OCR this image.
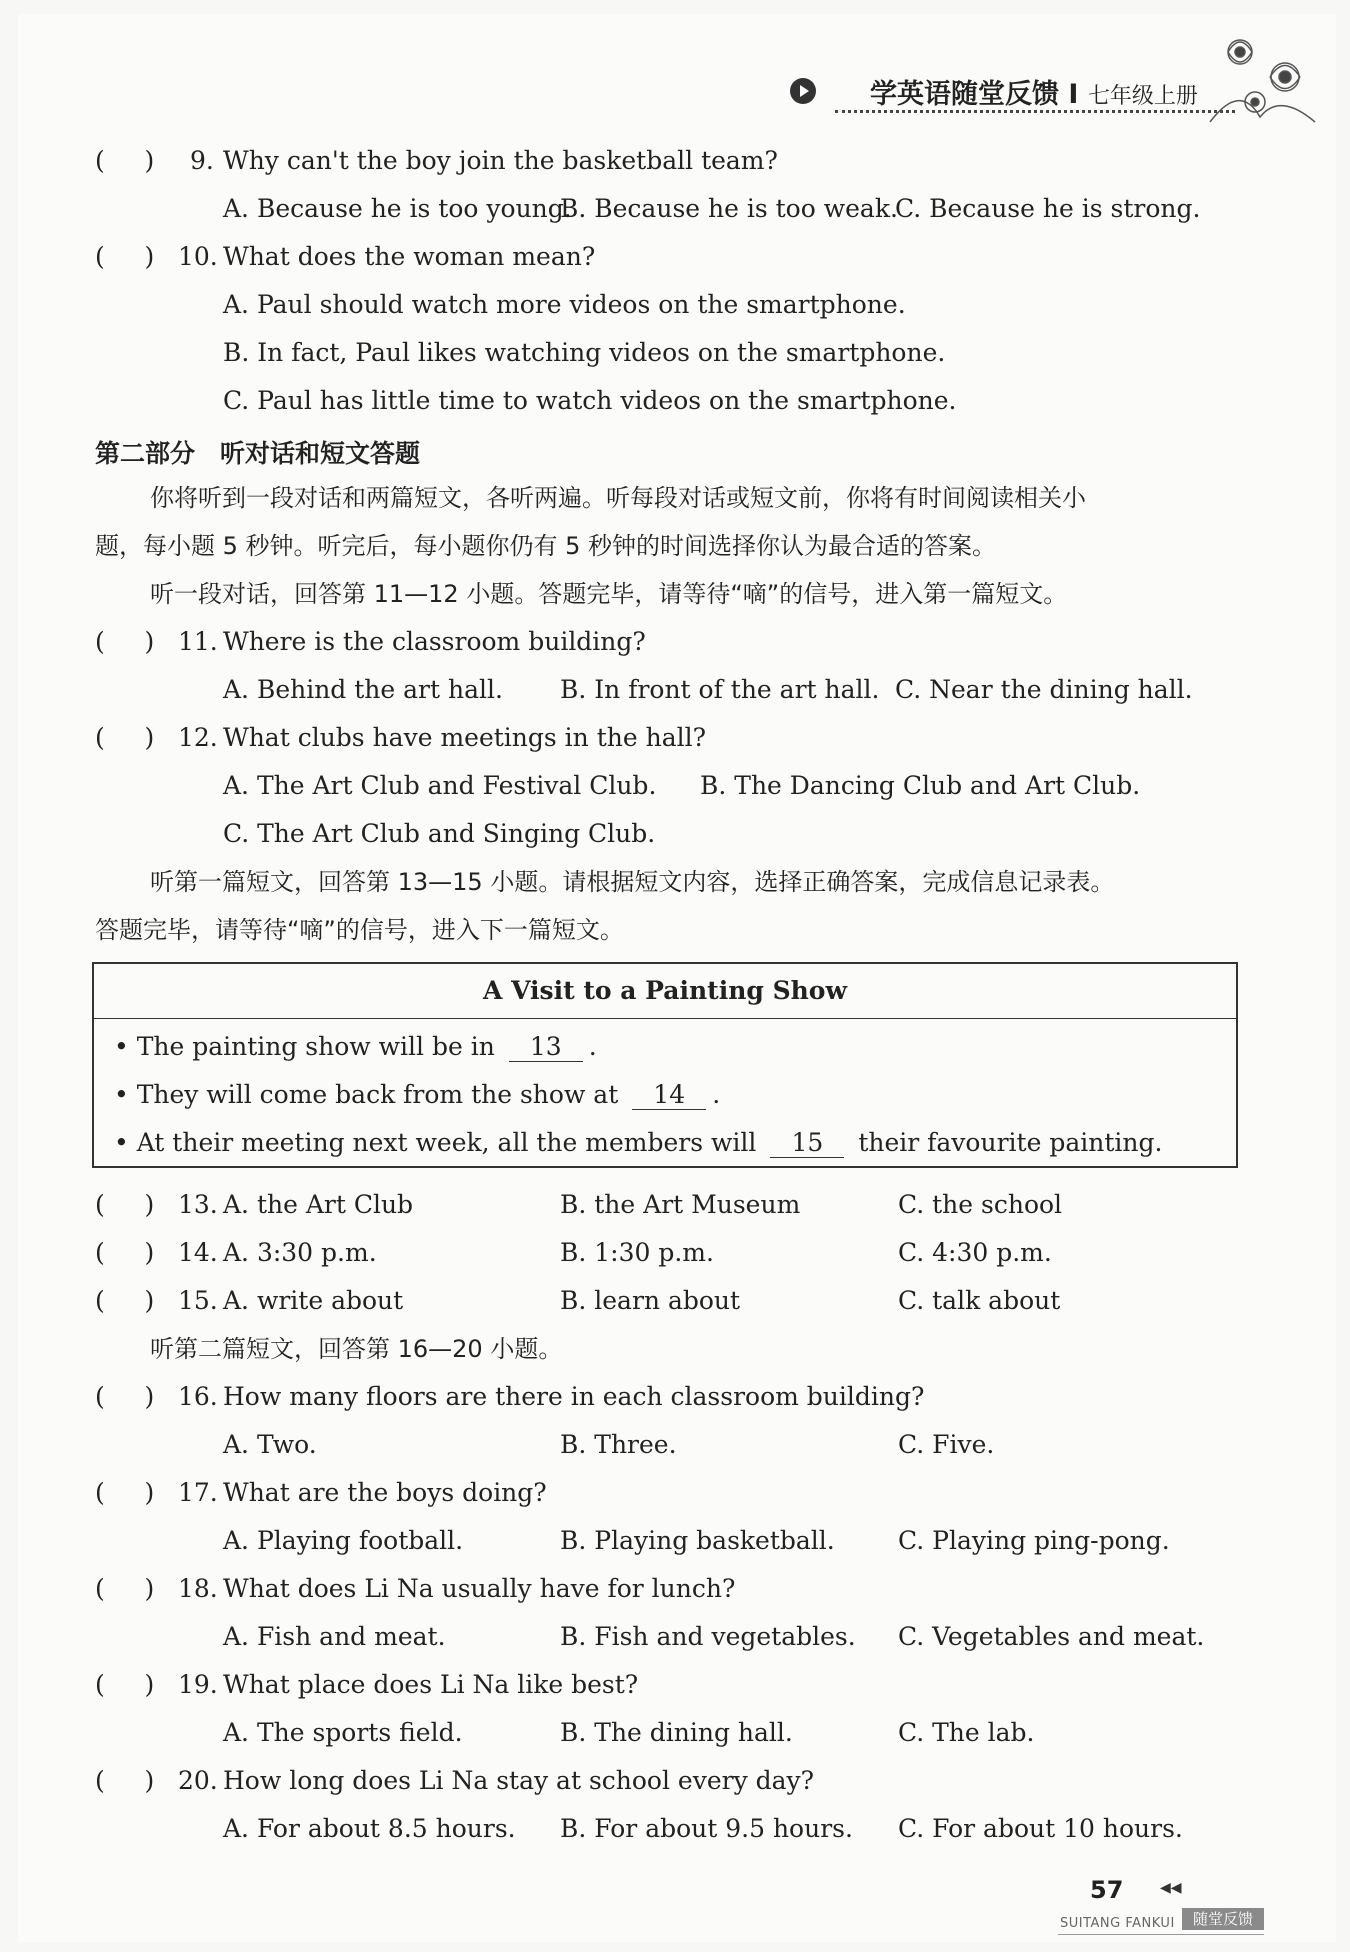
学英语随堂反馈 I 七年级上册
( ) 9. Why can't the boy join the basketball team?
A. Because he is too young.
B. Because he is too weak.
C. Because he is strong.
( ) 10. What does the woman mean?
A. Paul should watch more videos on the smartphone.
B. In fact, Paul likes watching videos on the smartphone.
C. Paul has little time to watch videos on the smartphone.
第二部分　听对话和短文答题
你将听到一段对话和两篇短文，各听两遍。听每段对话或短文前，你将有时间阅读相关小
题，每小题 5 秒钟。听完后，每小题你仍有 5 秒钟的时间选择你认为最合适的答案。
听一段对话，回答第 11—12 小题。答题完毕，请等待“嘀”的信号，进入第一篇短文。
( ) 11. Where is the classroom building?
A. Behind the art hall. B. In front of the art hall. C. Near the dining hall.
( ) 12. What clubs have meetings in the hall?
A. The Art Club and Festival Club. B. The Dancing Club and Art Club.
C. The Art Club and Singing Club.
听第一篇短文，回答第 13—15 小题。请根据短文内容，选择正确答案，完成信息记录表。
答题完毕，请等待“嘀”的信号，进入下一篇短文。
A Visit to a Painting Show
• The painting show will be in 13 .
• They will come back from the show at 14 .
• At their meeting next week, all the members will 15 their favourite painting.
( ) 13. A. the Art Club	B. the Art Museum	C. the school
( ) 14. A. 3:30 p.m.	B. 1:30 p.m.	C. 4:30 p.m.
( ) 15. A. write about	B. learn about	C. talk about
听第二篇短文，回答第 16—20 小题。
( ) 16. How many floors are there in each classroom building?
A. Two.	B. Three.	C. Five.
( ) 17. What are the boys doing?
A. Playing football.	B. Playing basketball.	C. Playing ping-pong.
( ) 18. What does Li Na usually have for lunch?
A. Fish and meat.	B. Fish and vegetables. C. Vegetables and meat.
( ) 19. What place does Li Na like best?
A. The sports field.	B. The dining hall.	C. The lab.
( ) 20. How long does Li Na stay at school every day?
A. For about 8.5 hours. B. For about 9.5 hours. C. For about 10 hours.
57	◀◀
SUITANG FANKUI	随堂反馈
